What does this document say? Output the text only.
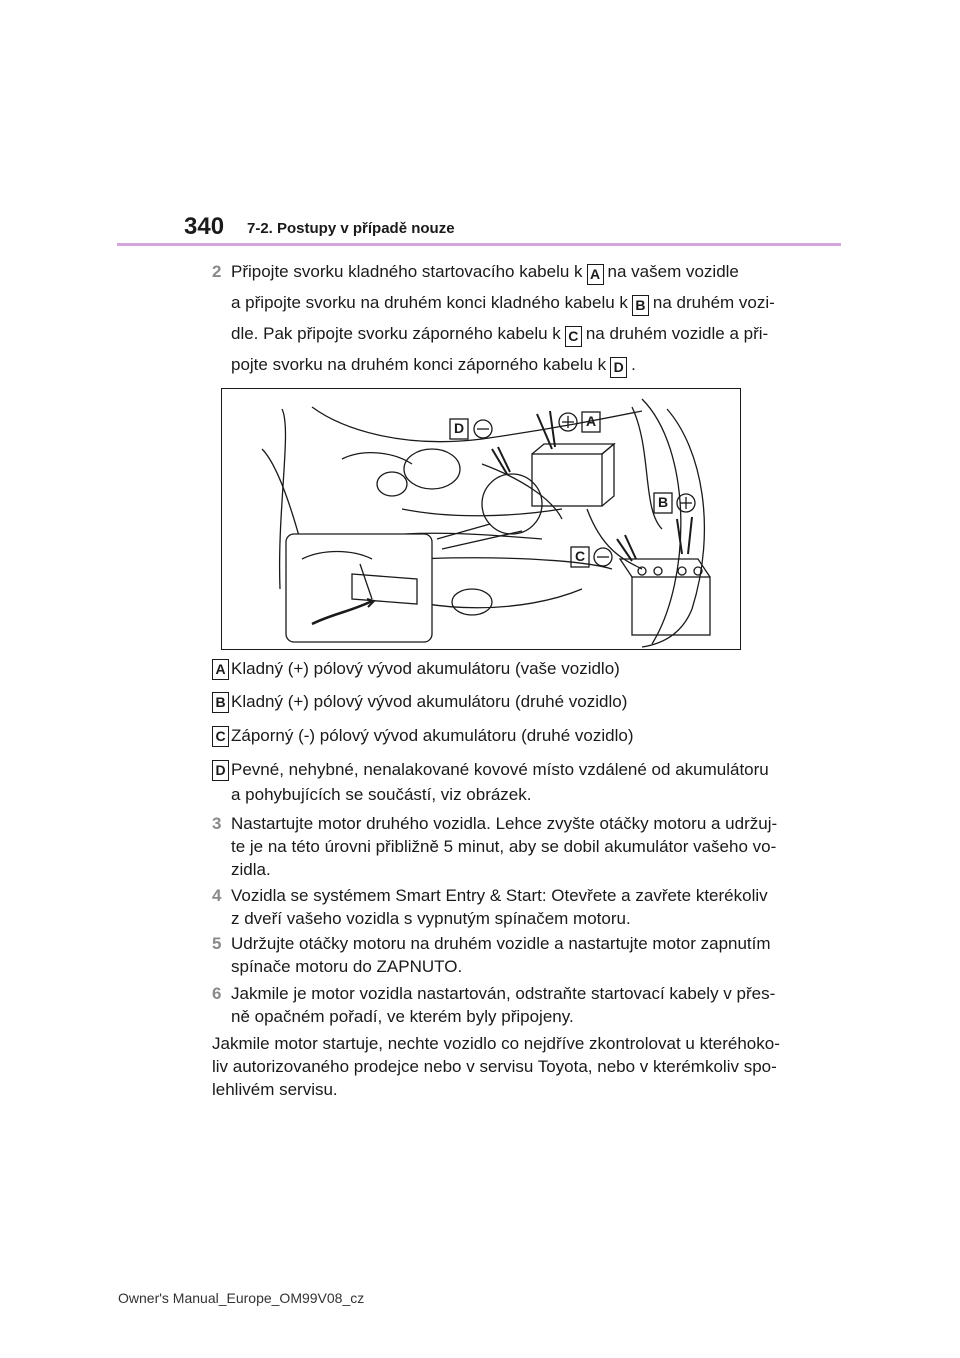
340 7-2. Postupy v případě nouze
2 Připojte svorku kladného startovacího kabelu k A na vašem vozidle
a připojte svorku na druhém konci kladného kabelu k B na druhém vozi-
dle. Pak připojte svorku záporného kabelu k C na druhém vozidle a při-
pojte svorku na druhém konci záporného kabelu k D .
D	A
B
C
A Kladný (+) pólový vývod akumulátoru (vaše vozidlo)
B Kladný (+) pólový vývod akumulátoru (druhé vozidlo)
C Záporný (-) pólový vývod akumulátoru (druhé vozidlo)
D Pevné, nehybné, nenalakované kovové místo vzdálené od akumulátoru
a pohybujících se součástí, viz obrázek.
3 Nastartujte motor druhého vozidla. Lehce zvyšte otáčky motoru a udržuj-
te je na této úrovni přibližně 5 minut, aby se dobil akumulátor vašeho vo-
zidla.
4 Vozidla se systémem Smart Entry & Start: Otevřete a zavřete kterékoliv
z dveří vašeho vozidla s vypnutým spínačem motoru.
5 Udržujte otáčky motoru na druhém vozidle a nastartujte motor zapnutím
spínače motoru do ZAPNUTO.
6 Jakmile je motor vozidla nastartován, odstraňte startovací kabely v přes-
ně opačném pořadí, ve kterém byly připojeny.
Jakmile motor startuje, nechte vozidlo co nejdříve zkontrolovat u kteréhoko-
liv autorizovaného prodejce nebo v servisu Toyota, nebo v kterémkoliv spo-
lehlivém servisu.
Owner's Manual_Europe_OM99V08_cz
